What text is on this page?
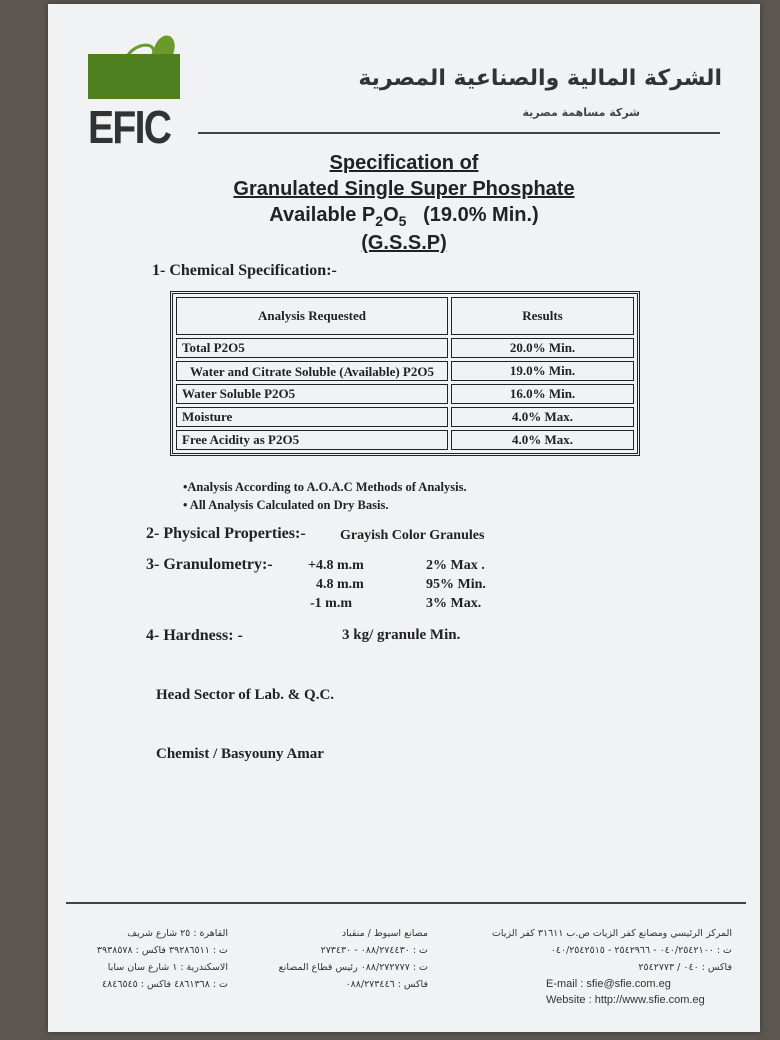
EFIC
الشركة المالية والصناعية المصرية
شركة مساهمة مصرية
Specification of
Granulated Single Super Phosphate
Available $P_2O_5$ (19.0% Min.)
(G.S.S.P)
1- Chemical Specification:-
Analysis Requested	Results
Total P2O5	20.0% Min.
Water and Citrate Soluble (Available) P2O5	19.0% Min.
Water Soluble P2O5	16.0% Min.
Moisture	4.0% Max.
Free Acidity as P2O5	4.0% Max.
•Analysis According to A.O.A.C Methods of Analysis.
• All Analysis Calculated on Dry Basis.
2- Physical Properties:- Grayish Color Granules
3- Granulometry:-	+4.8 m.m	2% Max .
4.8 m.m	95% Min.
-1 m.m	3% Max.
4- Hardness: -	3 kg/ granule Min.
Head Sector of Lab. & Q.C.
Chemist / Basyouny Amar
المركز الرئيسي ومصانع كفر الزيات ص.ب ٣١٦١١ كفر الزيات
ت : ٠٤٠/٢٥٤٢١٠٠ - ٢٥٤٢٩٦٦ - ٠٤٠/٢٥٤٢٥١٥
فاكس : ٠٤٠ / ٢٥٤٢٧٧٣
E-mail : sfie@sfie.com.eg
Website : http://www.sfie.com.eg
مصانع اسيوط / منقباد
ت : ٠٨٨/٢٧٤٤٣٠ - ٢٧٣٤٣٠
ت : ٠٨٨/٢٧٢٧٧٧ رئيس قطاع المصانع
فاكس : ٠٨٨/٢٧٣٤٤٦
القاهرة : ٢٥ شارع شريف
ت : ٣٩٢٨٦٥١١ فاكس : ٣٩٣٨٥٧٨
الاسكندرية : ١ شارع سان سابا
ت : ٤٨٦١٣٦٨ فاكس : ٤٨٤٦٥٤٥
